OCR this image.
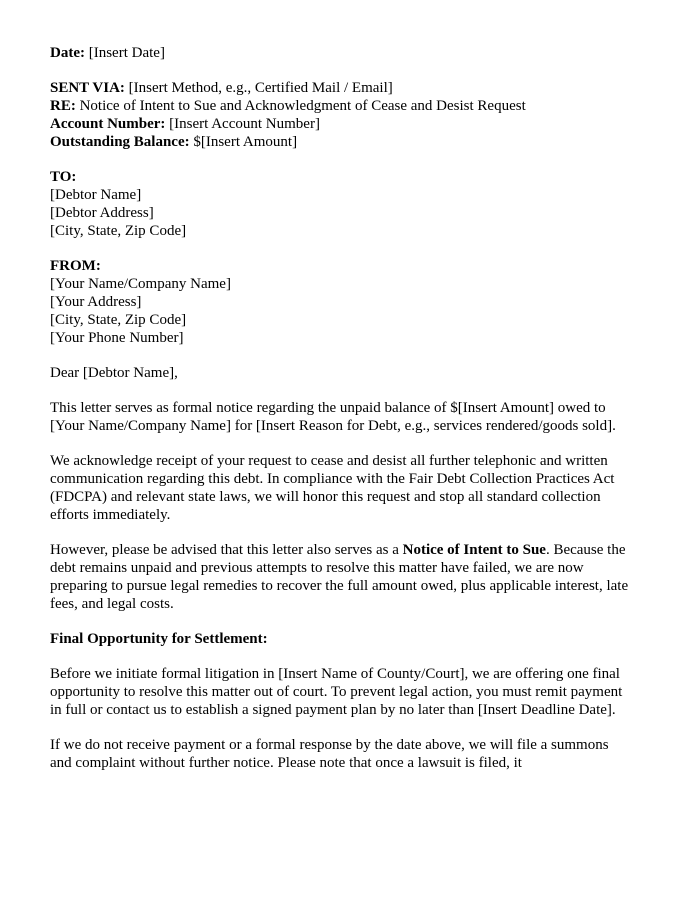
Date: [Insert Date]

SENT VIA: [Insert Method, e.g., Certified Mail / Email]

RE: Notice of Intent to Sue and Acknowledgment of Cease and Desist Request

Account Number: [Insert Account Number]

Outstanding Balance: $[Insert Amount]

TO:

[Debtor Name]

[Debtor Address]

[City, State, Zip Code]

FROM:

[Your Name/Company Name]

[Your Address]

[City, State, Zip Code]

[Your Phone Number]

Dear [Debtor Name],

This letter serves as formal notice regarding the unpaid balance of $[Insert Amount] owed to [Your Name/Company Name] for [Insert Reason for Debt, e.g., services rendered/goods sold].

We acknowledge receipt of your request to cease and desist all further telephonic and written communication regarding this debt. In compliance with the Fair Debt Collection Practices Act (FDCPA) and relevant state laws, we will honor this request and stop all standard collection efforts immediately.

However, please be advised that this letter also serves as a Notice of Intent to Sue. Because the debt remains unpaid and previous attempts to resolve this matter have failed, we are now preparing to pursue legal remedies to recover the full amount owed, plus applicable interest, late fees, and legal costs.

Final Opportunity for Settlement:

Before we initiate formal litigation in [Insert Name of County/Court], we are offering one final opportunity to resolve this matter out of court. To prevent legal action, you must remit payment in full or contact us to establish a signed payment plan by no later than [Insert Deadline Date].

If we do not receive payment or a formal response by the date above, we will file a summons and complaint without further notice. Please note that once a lawsuit is filed, it
